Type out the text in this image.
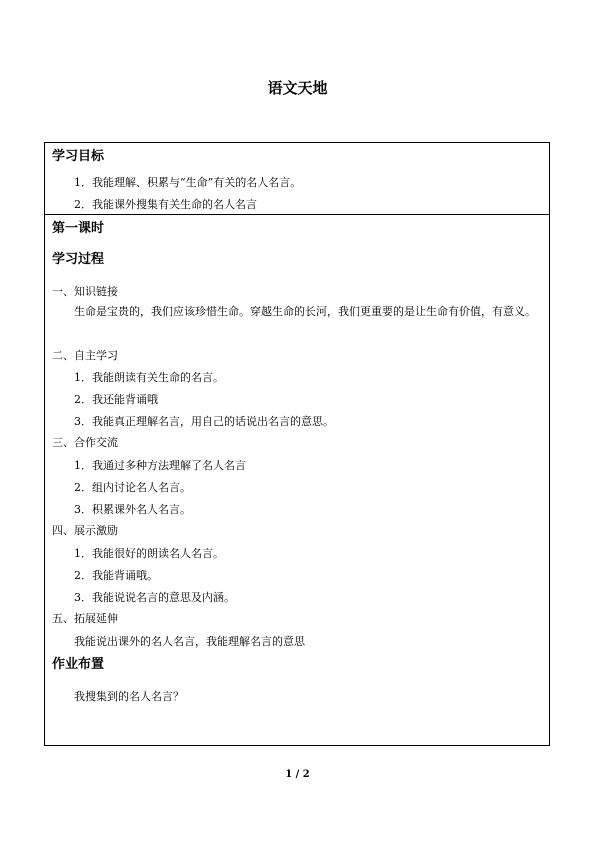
语文天地
学习目标
1．我能理解、积累与“生命”有关的名人名言。
2．我能课外搜集有关生命的名人名言
第一课时
学习过程
一、知识链接
生命是宝贵的，我们应该珍惜生命。穿越生命的长河，我们更重要的是让生命有价值，有意义。
二、自主学习
1．我能朗读有关生命的名言。
2．我还能背诵哦
3．我能真正理解名言，用自己的话说出名言的意思。
三、合作交流
1．我通过多种方法理解了名人名言
2．组内讨论名人名言。
3．积累课外名人名言。
四、展示激励
1．我能很好的朗读名人名言。
2．我能背诵哦。
3．我能说说名言的意思及内涵。
五、拓展延伸
我能说出课外的名人名言，我能理解名言的意思
作业布置
我搜集到的名人名言？
1 / 2
